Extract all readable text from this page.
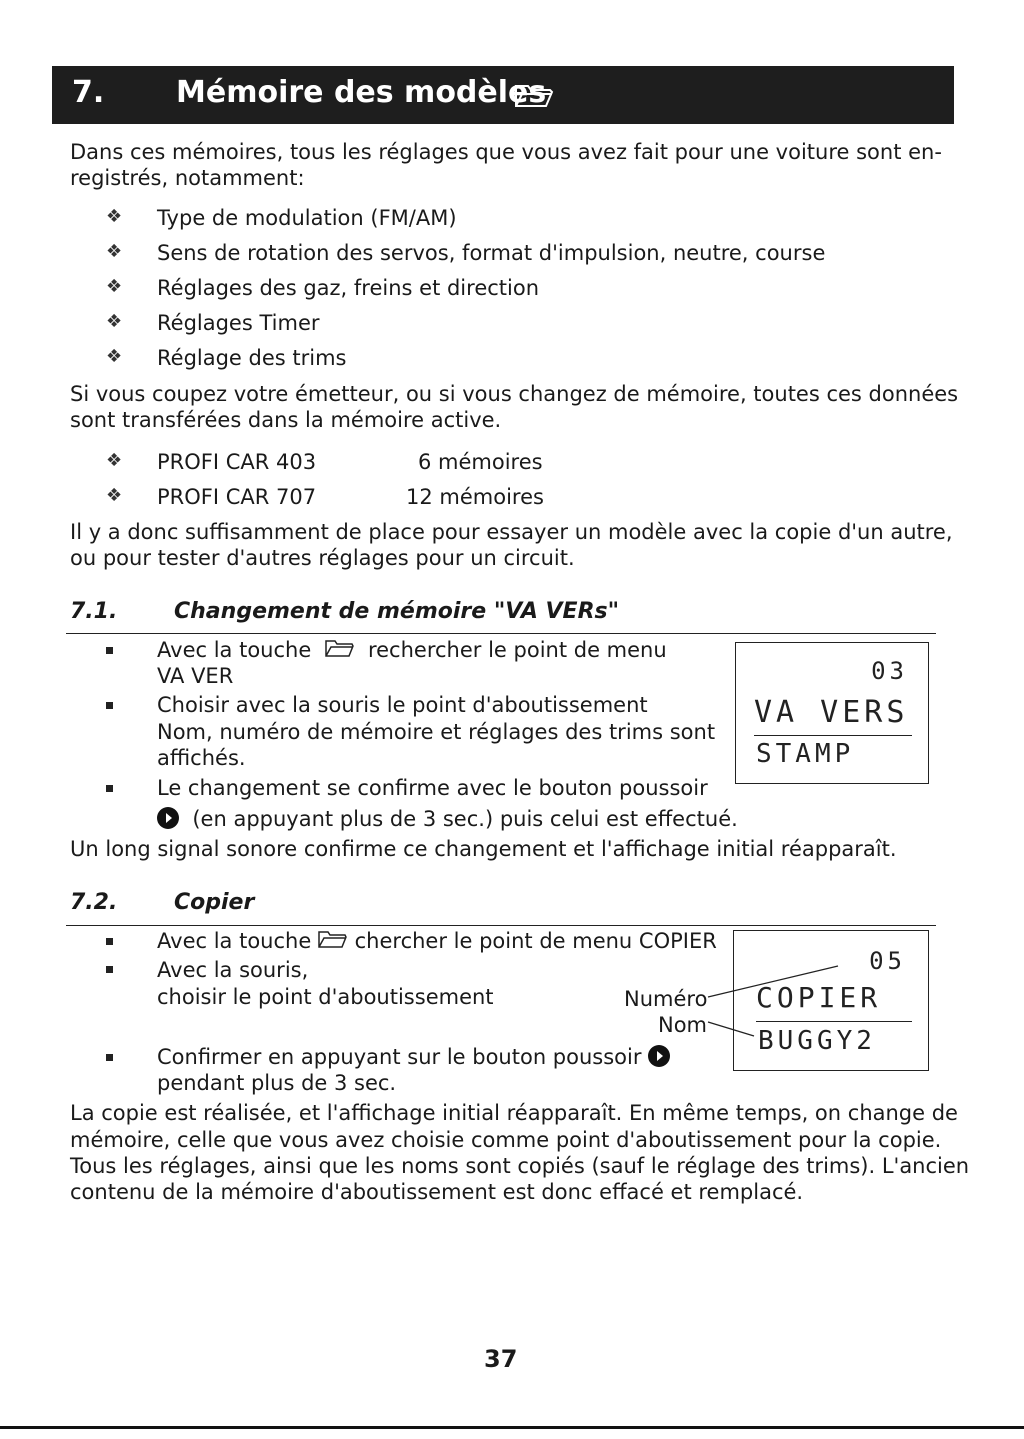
7. Mémoire des modèles

Dans ces mémoires, tous les réglages que vous avez fait pour une voiture sont en-

registrés, notamment:

❖ Type de modulation (FM/AM)

❖ Sens de rotation des servos, format d'impulsion, neutre, course

❖ Réglages des gaz, freins et direction

❖ Réglages Timer

❖ Réglage des trims

Si vous coupez votre émetteur, ou si vous changez de mémoire, toutes ces données

sont transférées dans la mémoire active.

❖ PROFI CAR 403	6 mémoires

❖ PROFI CAR 707	12 mémoires

Il y a donc suffisamment de place pour essayer un modèle avec la copie d'un autre,

ou pour tester d'autres réglages pour un circuit.

7.1.	Changement de mémoire "VA VERs"

Avec la touche	rechercher le point de menu

VA VER

Choisir avec la souris le point d'aboutissement

Nom, numéro de mémoire et réglages des trims sont

affichés.

Le changement se confirme avec le bouton poussoir

(en appuyant plus de 3 sec.) puis celui est effectué.

Un long signal sonore confirme ce changement et l'affichage initial réapparaît.

03
VA VERS
STAMP
7.2.	Copier

Avec la touche chercher le point de menu COPIER

Avec la souris,

choisir le point d'aboutissement	Numéro

Nom

Confirmer en appuyant sur le bouton poussoir

pendant plus de 3 sec.

La copie est réalisée, et l'affichage initial réapparaît. En même temps, on change de

mémoire, celle que vous avez choisie comme point d'aboutissement pour la copie.

Tous les réglages, ainsi que les noms sont copiés (sauf le réglage des trims). L'ancien

contenu de la mémoire d'aboutissement est donc effacé et remplacé.

05
COPIER
BUGGY2
37
